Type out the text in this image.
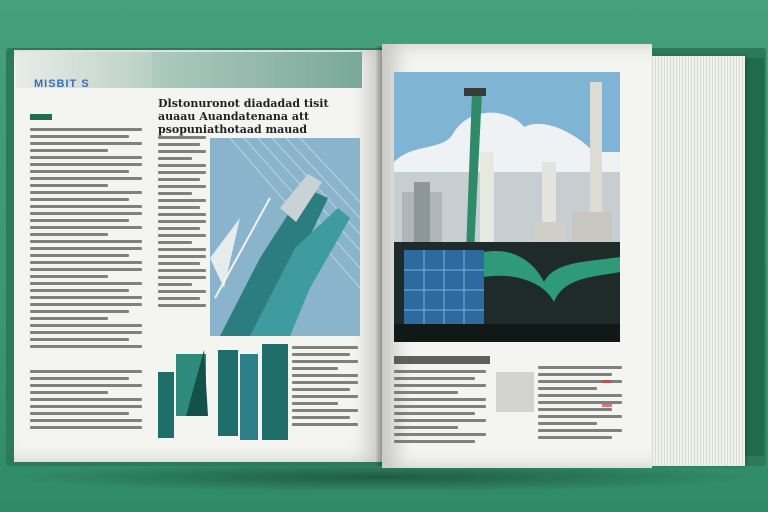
MISBIT S
Dlstonuronot diadadad tisit auaau Auandatenana att psopuniathotaad mauad
